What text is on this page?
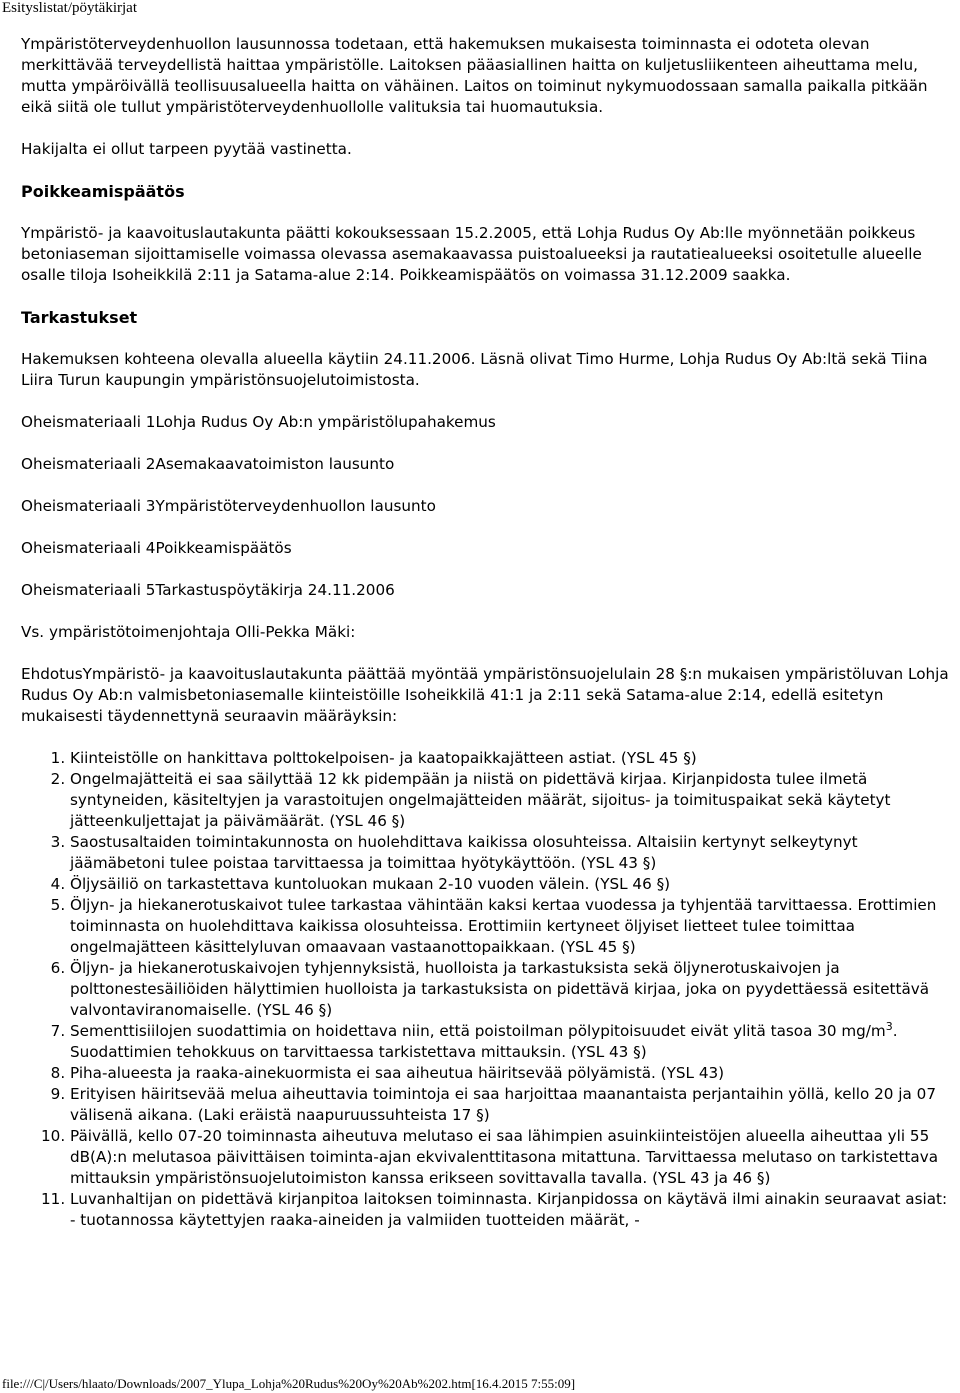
Esityslistat/pöytäkirjat

Ympäristöterveydenhuollon lausunnossa todetaan, että hakemuksen mukaisesta toiminnasta ei odoteta olevan merkittävää terveydellistä haittaa ympäristölle. Laitoksen pääasiallinen haitta on kuljetusliikenteen aiheuttama melu, mutta ympäröivällä teollisuusalueella haitta on vähäinen. Laitos on toiminut nykymuodossaan samalla paikalla pitkään eikä siitä ole tullut ympäristöterveydenhuollolle valituksia tai huomautuksia.

Hakijalta ei ollut tarpeen pyytää vastinetta.

Poikkeamispäätös

Ympäristö- ja kaavoituslautakunta päätti kokouksessaan 15.2.2005, että Lohja Rudus Oy Ab:lle myönnetään poikkeus betoniaseman sijoittamiselle voimassa olevassa asemakaavassa puistoalueeksi ja rautatiealueeksi osoitetulle alueelle osalle tiloja Isoheikkilä 2:11 ja Satama-alue 2:14. Poikkeamispäätös on voimassa 31.12.2009 saakka.

Tarkastukset

Hakemuksen kohteena olevalla alueella käytiin 24.11.2006. Läsnä olivat Timo Hurme, Lohja Rudus Oy Ab:ltä sekä Tiina Liira Turun kaupungin ympäristönsuojelutoimistosta.

Oheismateriaali 1Lohja Rudus Oy Ab:n ympäristölupahakemus

Oheismateriaali 2Asemakaavatoimiston lausunto

Oheismateriaali 3Ympäristöterveydenhuollon lausunto

Oheismateriaali 4Poikkeamispäätös

Oheismateriaali 5Tarkastuspöytäkirja 24.11.2006

Vs. ympäristötoimenjohtaja Olli-Pekka Mäki:

EhdotusYmpäristö- ja kaavoituslautakunta päättää myöntää ympäristönsuojelulain 28 §:n mukaisen ympäristöluvan Lohja Rudus Oy Ab:n valmisbetoniasemalle kiinteistöille Isoheikkilä 41:1 ja 2:11 sekä Satama-alue 2:14, edellä esitetyn mukaisesti täydennettynä seuraavin määräyksin:

1. Kiinteistölle on hankittava polttokelpoisen- ja kaatopaikkajätteen astiat. (YSL 45 §)
2. Ongelmajätteitä ei saa säilyttää 12 kk pidempään ja niistä on pidettävä kirjaa. Kirjanpidosta tulee ilmetä syntyneiden, käsiteltyjen ja varastoitujen ongelmajätteiden määrät, sijoitus- ja toimituspaikat sekä käytetyt jätteenkuljettajat ja päivämäärät. (YSL 46 §)
3. Saostusaltaiden toimintakunnosta on huolehdittava kaikissa olosuhteissa. Altaisiin kertynyt selkeytynyt jäämäbetoni tulee poistaa tarvittaessa ja toimittaa hyötykäyttöön. (YSL 43 §)
4. Öljysäiliö on tarkastettava kuntoluokan mukaan 2-10 vuoden välein. (YSL 46 §)
5. Öljyn- ja hiekanerotuskaivot tulee tarkastaa vähintään kaksi kertaa vuodessa ja tyhjentää tarvittaessa. Erottimien toiminnasta on huolehdittava kaikissa olosuhteissa. Erottimiin kertyneet öljyiset lietteet tulee toimittaa ongelmajätteen käsittelyluvan omaavaan vastaanottopaikkaan. (YSL 45 §)
6. Öljyn- ja hiekanerotuskaivojen tyhjennyksistä, huolloista ja tarkastuksista sekä öljynerotuskaivojen ja polttonestesäiliöiden hälyttimien huolloista ja tarkastuksista on pidettävä kirjaa, joka on pyydettäessä esitettävä valvontaviranomaiselle. (YSL 46 §)
7. Sementtisiilojen suodattimia on hoidettava niin, että poistoilman pölypitoisuudet eivät ylitä tasoa 30 $mg/m^3$. Suodattimien tehokkuus on tarvittaessa tarkistettava mittauksin. (YSL 43 §)
8. Piha-alueesta ja raaka-ainekuormista ei saa aiheutua häiritsevää pölyämistä. (YSL 43)
9. Erityisen häiritsevää melua aiheuttavia toimintoja ei saa harjoittaa maanantaista perjantaihin yöllä, kello 20 ja 07 välisenä aikana. (Laki eräistä naapuruussuhteista 17 §)
10. Päivällä, kello 07-20 toiminnasta aiheutuva melutaso ei saa lähimpien asuinkiinteistöjen alueella aiheuttaa yli 55 dB(A):n melutasoa päivittäisen toiminta-ajan ekvivalenttitasona mitattuna. Tarvittaessa melutaso on tarkistettava mittauksin ympäristönsuojelutoimiston kanssa erikseen sovittavalla tavalla. (YSL 43 ja 46 §)
11. Luvanhaltijan on pidettävä kirjanpitoa laitoksen toiminnasta. Kirjanpidossa on käytävä ilmi ainakin seuraavat asiat: - tuotannossa käytettyjen raaka-aineiden ja valmiiden tuotteiden määrät, -
file:///C|/Users/hlaato/Downloads/2007_Ylupa_Lohja%20Rudus%20Oy%20Ab%202.htm[16.4.2015 7:55:09]
